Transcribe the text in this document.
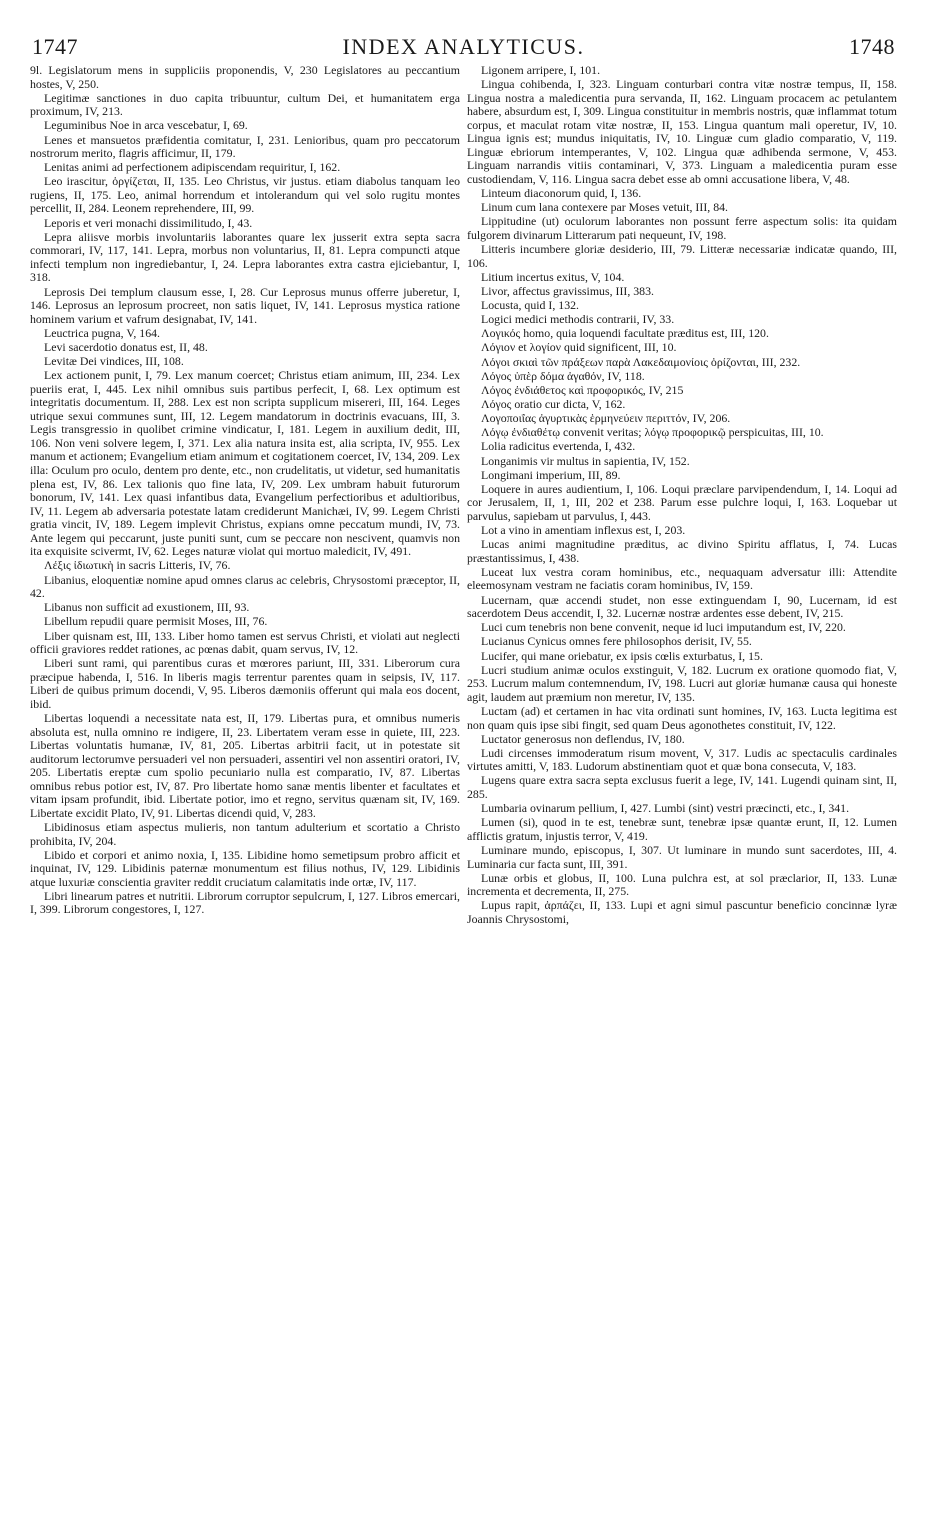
1747	INDEX ANALYTICUS.	1748

9l. Legislatorum mens in suppliciis proponendis, V, 230 Legislatores au peccantium hostes, V, 250.

Legitimæ sanctiones in duo capita tribuuntur, cultum Dei, et humanitatem erga proximum, IV, 213.

Leguminibus Noe in arca vescebatur, I, 69.

Lenes et mansuetos præfidentia comitatur, I, 231. Lenioribus, quam pro peccatorum nostrorum merito, flagris afficimur, II, 179.

Lenitas animi ad perfectionem adipiscendam requiritur, I, 162.

Leo irascitur, ὀργίζεται, II, 135. Leo Christus, vir justus. etiam diabolus tanquam leo rugiens, II, 175. Leo, animal horrendum et intolerandum qui vel solo rugitu montes percellit, II, 284. Leonem reprehendere, III, 99.

Leporis et veri monachi dissimilitudo, I, 43.

Lepra aliisve morbis involuntariis laborantes quare lex jusserit extra septa sacra commorari, IV, 117, 141. Lepra, morbus non voluntarius, II, 81. Lepra compuncti atque infecti templum non ingrediebantur, I, 24. Lepra laborantes extra castra ejiciebantur, I, 318.

Leprosis Dei templum clausum esse, I, 28. Cur Leprosus munus offerre juberetur, I, 146. Leprosus an leprosum procreet, non satis liquet, IV, 141. Leprosus mystica ratione hominem varium et vafrum designabat, IV, 141.

Leuctrica pugna, V, 164.

Levi sacerdotio donatus est, II, 48.

Levitæ Dei vindices, III, 108.

Lex actionem punit, I, 79. Lex manum coercet; Christus etiam animum, III, 234. Lex pueriis erat, I, 445. Lex nihil omnibus suis partibus perfecit, I, 68. Lex optimum est integritatis documentum. II, 288. Lex est non scripta supplicum misereri, III, 164. Leges utrique sexui communes sunt, III, 12. Legem mandatorum in doctrinis evacuans, III, 3. Legis transgressio in quolibet crimine vindicatur, I, 181. Legem in auxilium dedit, III, 106. Non veni solvere legem, I, 371. Lex alia natura insita est, alia scripta, IV, 955. Lex manum et actionem; Evangelium etiam animum et cogitationem coercet, IV, 134, 209. Lex illa: Oculum pro oculo, dentem pro dente, etc., non crudelitatis, ut videtur, sed humanitatis plena est, IV, 86. Lex talionis quo fine lata, IV, 209. Lex umbram habuit futurorum bonorum, IV, 141. Lex quasi infantibus data, Evangelium perfectioribus et adultioribus, IV, 11. Legem ab adversaria potestate latam crediderunt Manichæi, IV, 99. Legem Christi gratia vincit, IV, 189. Legem implevit Christus, expians omne peccatum mundi, IV, 73. Ante legem qui peccarunt, juste puniti sunt, cum se peccare non nescivent, quamvis non ita exquisite scivermt, IV, 62. Leges naturæ violat qui mortuo maledicit, IV, 491.

Λέξις ἰδιωτικὴ in sacris Litteris, IV, 76.

Libanius, eloquentiæ nomine apud omnes clarus ac celebris, Chrysostomi præceptor, II, 42.

Libanus non sufficit ad exustionem, III, 93.

Libellum repudii quare permisit Moses, III, 76.

Liber quisnam est, III, 133. Liber homo tamen est servus Christi, et violati aut neglecti officii graviores reddet rationes, ac pœnas dabit, quam servus, IV, 12.

Liberi sunt rami, qui parentibus curas et mœrores pariunt, III, 331. Liberorum cura præcipue habenda, I, 516. In liberis magis terrentur parentes quam in seipsis, IV, 117. Liberi de quibus primum docendi, V, 95. Liberos dæmoniis offerunt qui mala eos docent, ibid.

Libertas loquendi a necessitate nata est, II, 179. Libertas pura, et omnibus numeris absoluta est, nulla omnino re indigere, II, 23. Libertatem veram esse in quiete, III, 223. Libertas voluntatis humanæ, IV, 81, 205. Libertas arbitrii facit, ut in potestate sit auditorum lectorumve persuaderi vel non persuaderi, assentiri vel non assentiri oratori, IV, 205. Libertatis ereptæ cum spolio pecuniario nulla est comparatio, IV, 87. Libertas omnibus rebus potior est, IV, 87. Pro libertate homo sanæ mentis libenter et facultates et vitam ipsam profundit, ibid. Libertate potior, imo et regno, servitus quænam sit, IV, 169. Libertate excidit Plato, IV, 91. Libertas dicendi quid, V, 283.

Libidinosus etiam aspectus mulieris, non tantum adulterium et scortatio a Christo prohibita, IV, 204.

Libido et corpori et animo noxia, I, 135. Libidine homo semetipsum probro afficit et inquinat, IV, 129. Libidinis paternæ monumentum est filius nothus, IV, 129. Libidinis atque luxuriæ conscientia graviter reddit cruciatum calamitatis inde ortæ, IV, 117.

Libri linearum patres et nutritii. Librorum corruptor sepulcrum, I, 127. Libros emercari, I, 399. Librorum congestores, I, 127.

Ligonem arripere, I, 101.

Lingua cohibenda, I, 323. Linguam conturbari contra vitæ nostræ tempus, II, 158. Lingua nostra a maledicentia pura servanda, II, 162. Linguam procacem ac petulantem habere, absurdum est, I, 309. Lingua constituitur in membris nostris, quæ inflammat totum corpus, et maculat rotam vitæ nostræ, II, 153. Lingua quantum mali operetur, IV, 10. Lingua ignis est; mundus iniquitatis, IV, 10. Linguæ cum gladio comparatio, V, 119. Linguæ ebriorum intemperantes, V, 102. Lingua quæ adhibenda sermone, V, 453. Linguam narrandis vitiis contaminari, V, 373. Linguam a maledicentia puram esse custodiendam, V, 116. Lingua sacra debet esse ab omni accusatione libera, V, 48.

Linteum diaconorum quid, I, 136.

Linum cum lana contexere par Moses vetuit, III, 84.

Lippitudine (ut) oculorum laborantes non possunt ferre aspectum solis: ita quidam fulgorem divinarum Litterarum pati nequeunt, IV, 198.

Litteris incumbere gloriæ desiderio, III, 79. Litteræ necessariæ indicatæ quando, III, 106.

Litium incertus exitus, V, 104.

Livor, affectus gravissimus, III, 383.

Locusta, quid I, 132.

Logici medici methodis contrarii, IV, 33.

Λογικός homo, quia loquendi facultate præditus est, III, 120.

Λόγιον et λογίον quid significent, III, 10.

Λόγοι σκιαὶ τῶν πράξεων παρὰ Λακεδαιμονίοις ὁρίζονται, III, 232.

Λόγος ὑπὲρ δόμα ἀγαθόν, IV, 118.

Λόγος ἐνδιάθετος καὶ προφορικός, IV, 215

Λόγος oratio cur dicta, V, 162.

Λογοποιΐας ἀγυρτικὰς ἑρμηνεύειν περιττόν, IV, 206.

Λόγῳ ἐνδιαθέτῳ convenit veritas; λόγῳ προφορικῷ perspicuitas, III, 10.

Lolia radicitus evertenda, I, 432.

Longanimis vir multus in sapientia, IV, 152.

Longimani imperium, III, 89.

Loquere in aures audientium, I, 106. Loqui præclare parvipendendum, I, 14. Loqui ad cor Jerusalem, II, 1, III, 202 et 238. Parum esse pulchre loqui, I, 163. Loquebar ut parvulus, sapiebam ut parvulus, I, 443.

Lot a vino in amentiam inflexus est, I, 203.

Lucas animi magnitudine præditus, ac divino Spiritu afflatus, I, 74. Lucas præstantissimus, I, 438.

Luceat lux vestra coram hominibus, etc., nequaquam adversatur illi: Attendite eleemosynam vestram ne faciatis coram hominibus, IV, 159.

Lucernam, quæ accendi studet, non esse extinguendam I, 90, Lucernam, id est sacerdotem Deus accendit, I, 32. Lucernæ nostræ ardentes esse debent, IV, 215.

Luci cum tenebris non bene convenit, neque id luci imputandum est, IV, 220.

Lucianus Cynicus omnes fere philosophos derisit, IV, 55.

Lucifer, qui mane oriebatur, ex ipsis cœlis exturbatus, I, 15.

Lucri studium animæ oculos exstinguit, V, 182. Lucrum ex oratione quomodo fiat, V, 253. Lucrum malum contemnendum, IV, 198. Lucri aut gloriæ humanæ causa qui honeste agit, laudem aut præmium non meretur, IV, 135.

Luctam (ad) et certamen in hac vita ordinati sunt homines, IV, 163. Lucta legitima est non quam quis ipse sibi fingit, sed quam Deus agonothetes constituit, IV, 122.

Luctator generosus non deflendus, IV, 180.

Ludi circenses immoderatum risum movent, V, 317. Ludis ac spectaculis cardinales virtutes amitti, V, 183. Ludorum abstinentiam quot et quæ bona consecuta, V, 183.

Lugens quare extra sacra septa exclusus fuerit a lege, IV, 141. Lugendi quinam sint, II, 285.

Lumbaria ovinarum pellium, I, 427. Lumbi (sint) vestri præcincti, etc., I, 341.

Lumen (si), quod in te est, tenebræ sunt, tenebræ ipsæ quantæ erunt, II, 12. Lumen afflictis gratum, injustis terror, V, 419.

Luminare mundo, episcopus, I, 307. Ut luminare in mundo sunt sacerdotes, III, 4. Luminaria cur facta sunt, III, 391.

Lunæ orbis et globus, II, 100. Luna pulchra est, at sol præclarior, II, 133. Lunæ incrementa et decrementa, II, 275.

Lupus rapit, ἁρπάζει, II, 133. Lupi et agni simul pascuntur beneficio concinnæ lyræ Joannis Chrysostomi,
